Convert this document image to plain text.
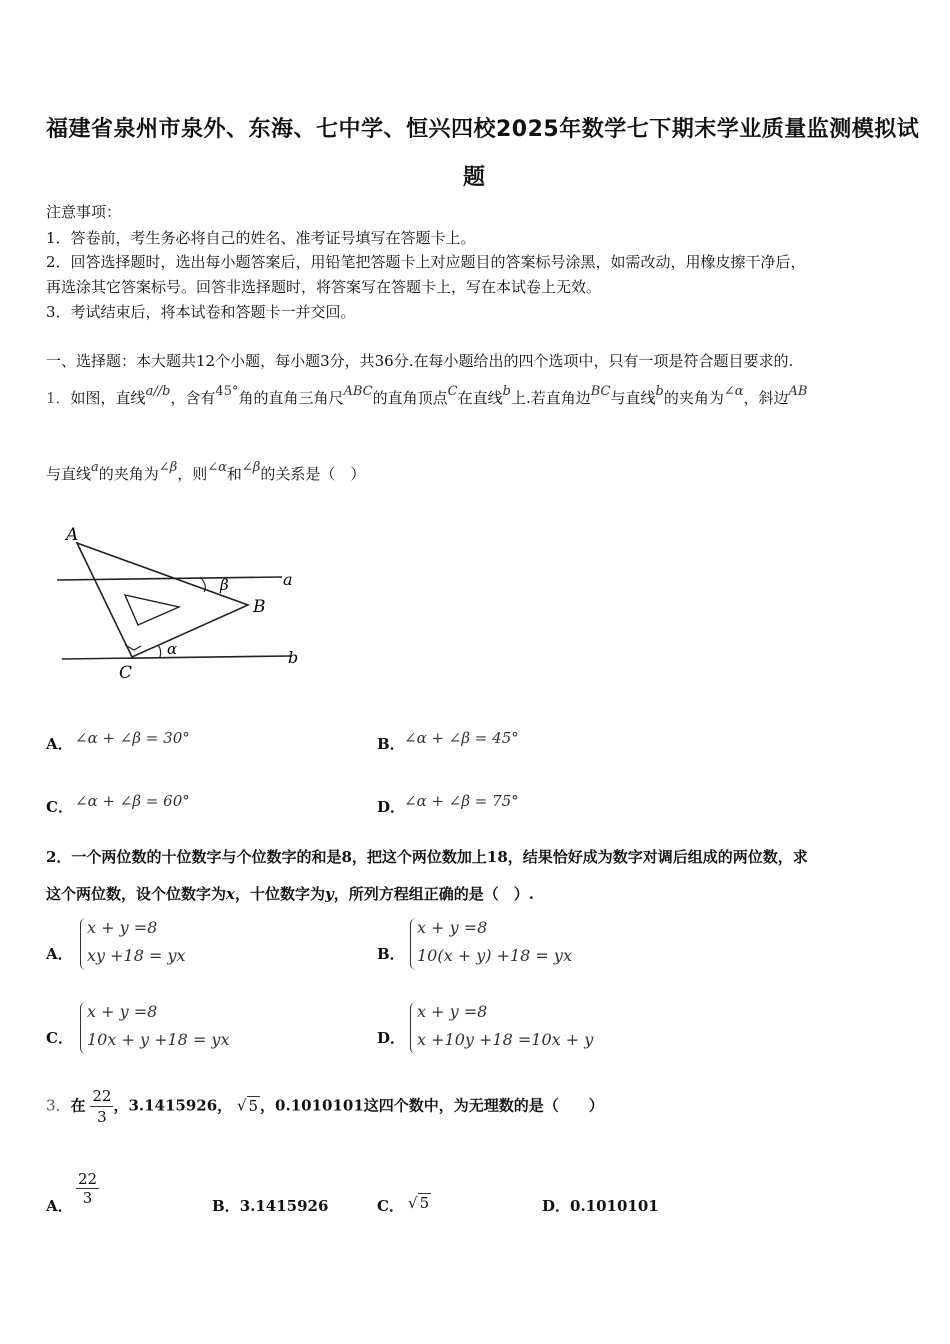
福建省泉州市泉外、东海、七中学、恒兴四校2025年数学七下期末学业质量监测模拟试
题
注意事项：
1．答卷前，考生务必将自己的姓名、准考证号填写在答题卡上。
2．回答选择题时，选出每小题答案后，用铅笔把答题卡上对应题目的答案标号涂黑，如需改动，用橡皮擦干净后，
再选涂其它答案标号。回答非选择题时，将答案写在答题卡上，写在本试卷上无效。
3．考试结束后，将本试卷和答题卡一并交回。
一、选择题：本大题共12个小题，每小题3分，共36分.在每小题给出的四个选项中，只有一项是符合题目要求的.
1．如图，直线a//b，含有45°角的直角三角尺ABC的直角顶点C在直线b上.若直角边BC与直线b的夹角为∠α，斜边AB
与直线a的夹角为∠β，则∠α和∠β的关系是（　）
A
B
C
a
b
α
β
A． ∠α + ∠β = 30°	B． ∠α + ∠β = 45°
C． ∠α + ∠β = 60°	D．
∠α + ∠β = 75°
2．一个两位数的十位数字与个位数字的和是8，把这个两位数加上18，结果恰好成为数字对调后组成的两位数，求
这个两位数，设个位数字为x，十位数字为y，所列方程组正确的是（　）.
A．
x + y =8
xy +18 = yx	B．
x + y =8
10(x + y) +18 = yx
C．
x + y =8
10x + y +18 = yx	D．
x + y =8
x +10y +18 =10x + y
3．在 $\frac{22}{3}$ ，3.1415926， √ 5 ，0.1010101这四个数中，为无理数的是（　　）
A． $\frac{22}{3}$	B．3.1415926	C． √ 5	D．0.1010101
